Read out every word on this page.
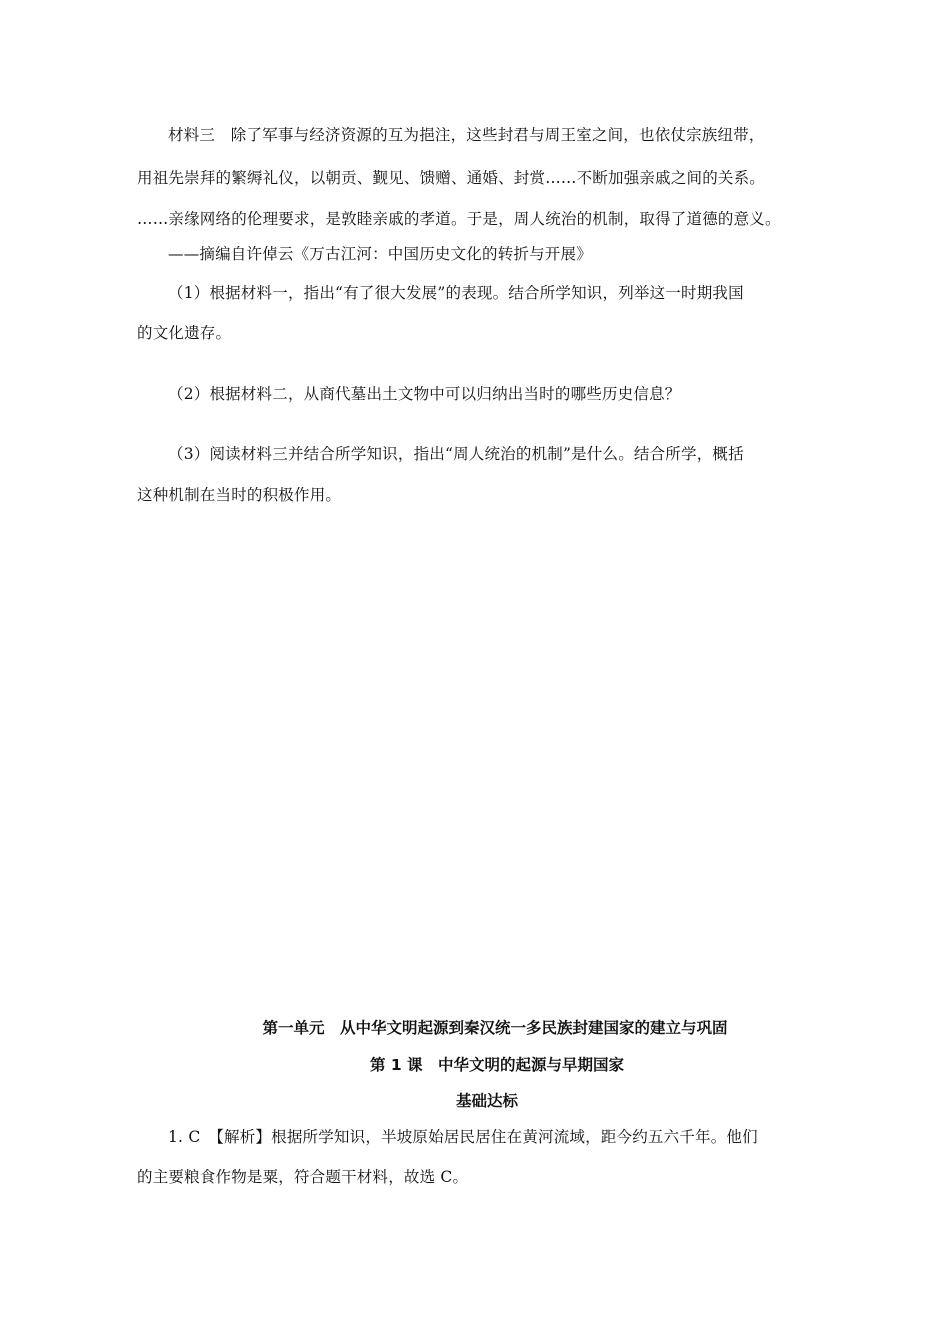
材料三　除了军事与经济资源的互为挹注，这些封君与周王室之间，也依仗宗族纽带，
用祖先崇拜的繁缛礼仪，以朝贡、觐见、馈赠、通婚、封赏……不断加强亲戚之间的关系。
……亲缘网络的伦理要求，是敦睦亲戚的孝道。于是，周人统治的机制，取得了道德的意义。
——摘编自许倬云《万古江河：中国历史文化的转折与开展》
（1）根据材料一，指出“有了很大发展”的表现。结合所学知识，列举这一时期我国
的文化遗存。
（2）根据材料二，从商代墓出土文物中可以归纳出当时的哪些历史信息？
（3）阅读材料三并结合所学知识，指出“周人统治的机制”是什么。结合所学，概括
这种机制在当时的积极作用。
第一单元　从中华文明起源到秦汉统一多民族封建国家的建立与巩固
第 1 课　中华文明的起源与早期国家
基础达标
1. C　【解析】根据所学知识，半坡原始居民居住在黄河流域，距今约五六千年。他们
的主要粮食作物是粟，符合题干材料，故选 C。
